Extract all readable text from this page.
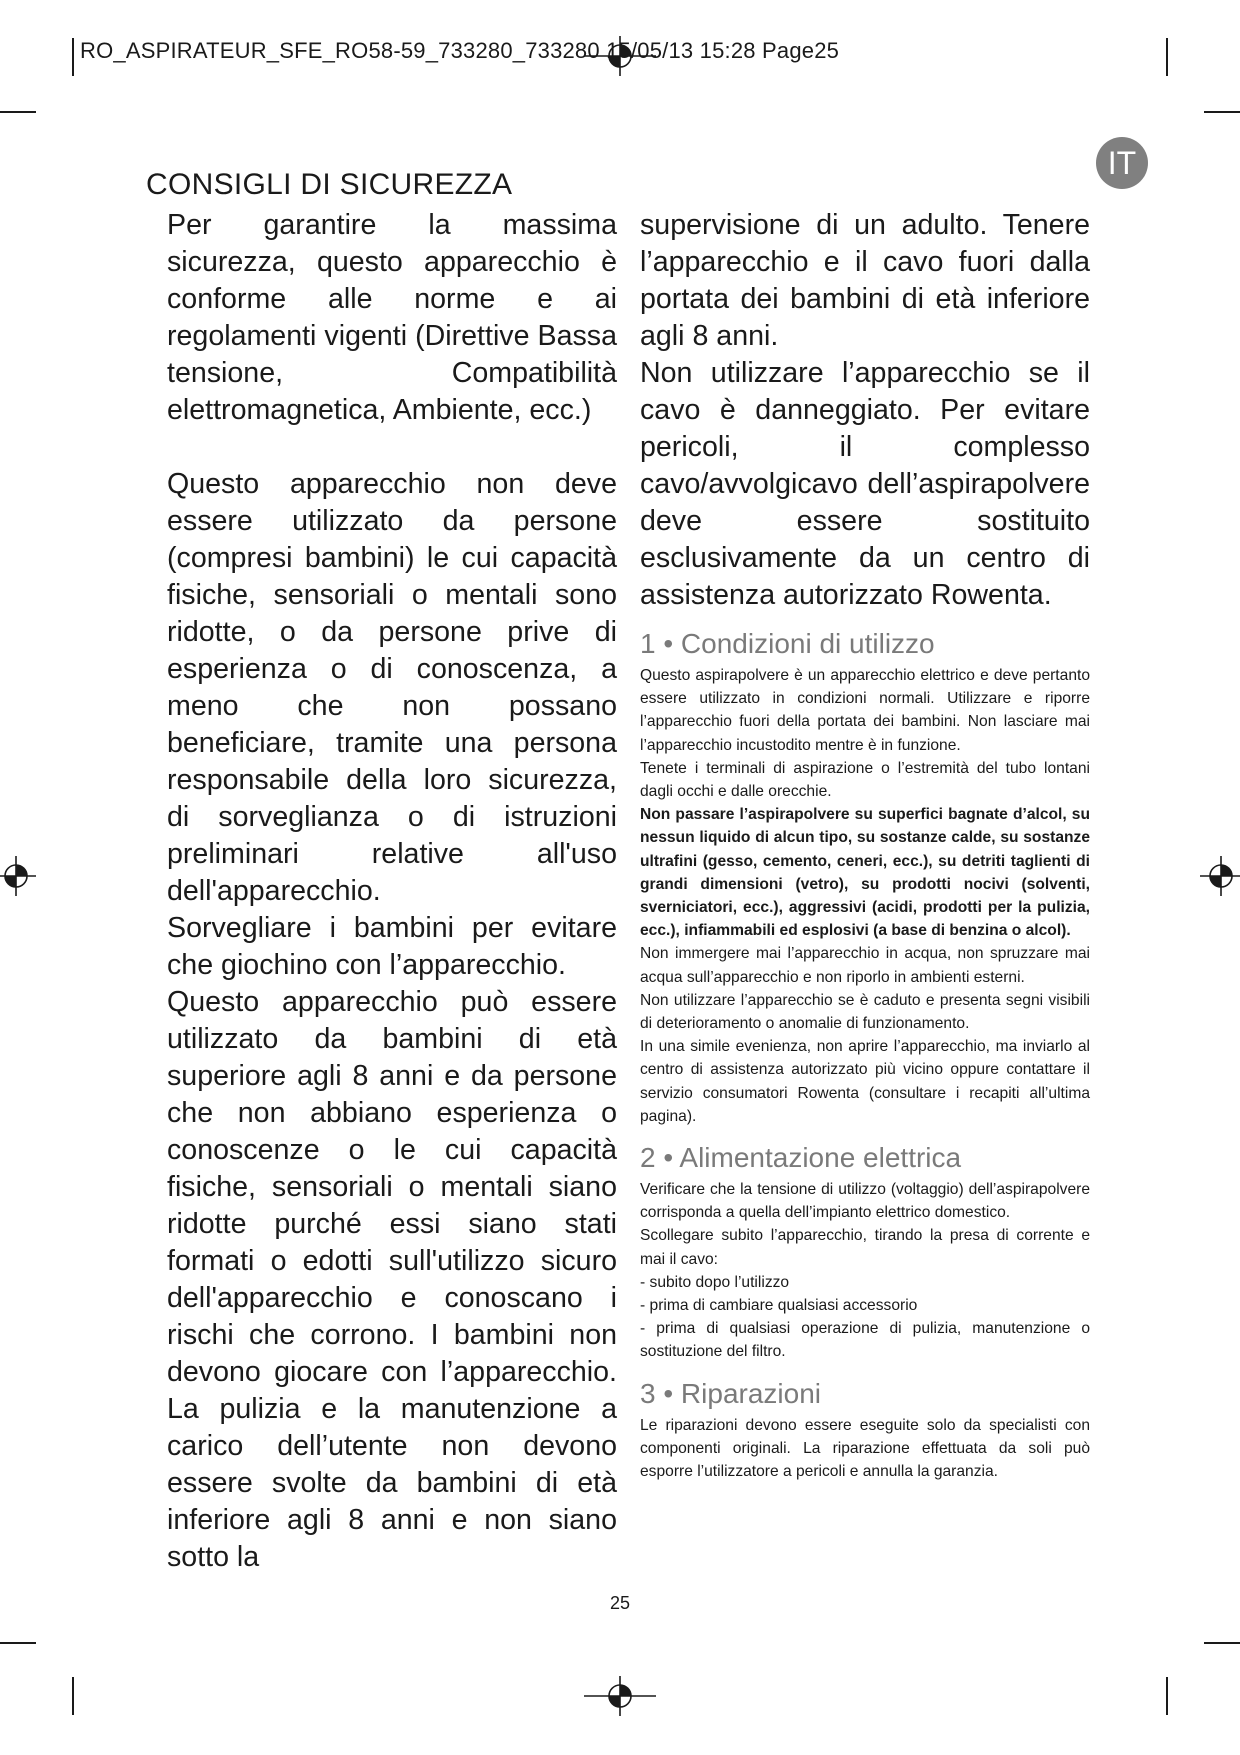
RO_ASPIRATEUR_SFE_RO58-59_733280_733280 15/05/13 15:28 Page25
IT
CONSIGLI DI SICUREZZA

Per garantire la massima sicurezza, questo apparecchio è conforme alle norme e ai regolamenti vigenti (Direttive Bassa tensione, Compatibilità elettromagnetica, Ambiente, ecc.)

Questo apparecchio non deve essere utilizzato da persone (compresi bambini) le cui capacità fisiche, sensoriali o mentali sono ridotte, o da persone prive di esperienza o di conoscenza, a meno che non possano beneficiare, tramite una persona responsabile della loro sicurezza, di sorveglianza o di istruzioni preliminari relative all'uso dell'apparecchio.

Sorvegliare i bambini per evitare che giochino con l’apparecchio.

Questo apparecchio può essere utilizzato da bambini di età superiore agli 8 anni e da persone che non abbiano esperienza o conoscenze o le cui capacità fisiche, sensoriali o mentali siano ridotte purché essi siano stati formati o edotti sull'utilizzo sicuro dell'apparecchio e conoscano i rischi che corrono. I bambini non devono giocare con l’apparecchio. La pulizia e la manutenzione a carico dell’utente non devono essere svolte da bambini di età inferiore agli 8 anni e non siano sotto la

supervisione di un adulto. Tenere l’apparecchio e il cavo fuori dalla portata dei bambini di età inferiore agli 8 anni.

Non utilizzare l’apparecchio se il cavo è danneggiato. Per evitare pericoli, il complesso cavo/avvolgicavo dell’aspirapolvere deve essere sostituito esclusivamente da un centro di assistenza autorizzato Rowenta.

1 • Condizioni di utilizzo

Questo aspirapolvere è un apparecchio elettrico e deve pertanto essere utilizzato in condizioni normali. Utilizzare e riporre l’apparecchio fuori della portata dei bambini. Non lasciare mai l’apparecchio incustodito mentre è in funzione.

Tenete i terminali di aspirazione o l’estremità del tubo lontani dagli occhi e dalle orecchie.

Non passare l’aspirapolvere su superfici bagnate d’alcol, su nessun liquido di alcun tipo, su sostanze calde, su sostanze ultrafini (gesso, cemento, ceneri, ecc.), su detriti taglienti di grandi dimensioni (vetro), su prodotti nocivi (solventi, sverniciatori, ecc.), aggressivi (acidi, prodotti per la pulizia, ecc.), infiammabili ed esplosivi (a base di benzina o alcol).

Non immergere mai l’apparecchio in acqua, non spruzzare mai acqua sull’apparecchio e non riporlo in ambienti esterni.

Non utilizzare l’apparecchio se è caduto e presenta segni visibili di deterioramento o anomalie di funzionamento.

In una simile evenienza, non aprire l’apparecchio, ma inviarlo al centro di assistenza autorizzato più vicino oppure contattare il servizio consumatori Rowenta (consultare i recapiti all’ultima pagina).

2 • Alimentazione elettrica

Verificare che la tensione di utilizzo (voltaggio) dell’aspirapolvere corrisponda a quella dell’impianto elettrico domestico.

Scollegare subito l’apparecchio, tirando la presa di corrente e mai il cavo:

- subito dopo l’utilizzo

- prima di cambiare qualsiasi accessorio

- prima di qualsiasi operazione di pulizia, manutenzione o sostituzione del filtro.

3 • Riparazioni

Le riparazioni devono essere eseguite solo da specialisti con componenti originali. La riparazione effettuata da soli può esporre l’utilizzatore a pericoli e annulla la garanzia.

25
